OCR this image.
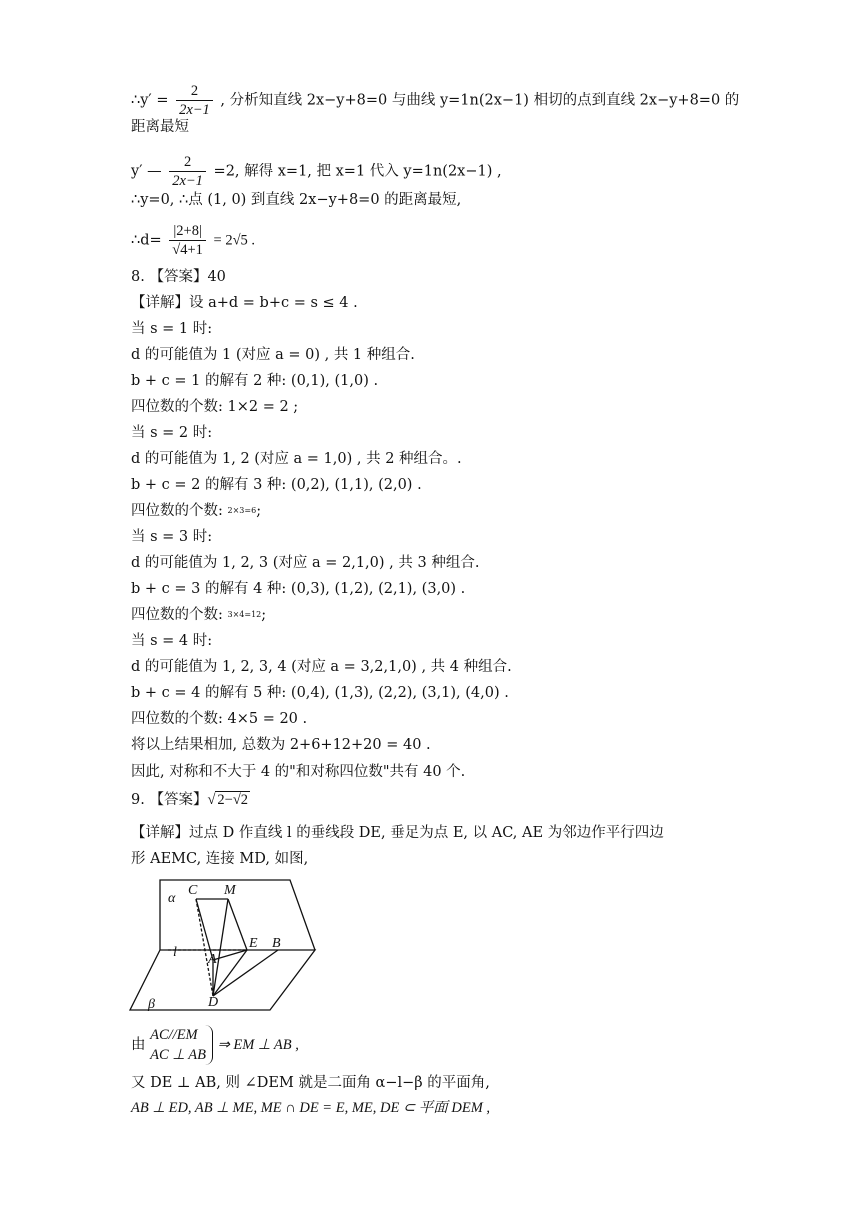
∴y′ = $\frac{2}{2x-1}$ , 分析知直线 2x−y+8=0 与曲线 y=1n(2x−1) 相切的点到直线 2x−y+8=0 的
距离最短
y′ — $\frac{2}{2x-1} =2$, 解得 x=1, 把 x=1 代入 y=1n(2x−1) ,
∴y=0, ∴点 (1, 0) 到直线 2x−y+8=0 的距离最短,
∴d= $\frac{|2+8|}{√4+1} = 2√5$ .
8. 【答案】40
【详解】设 a+d = b+c = s ≤ 4 .
当 s = 1 时:
d 的可能值为 1 (对应 a = 0) , 共 1 种组合.
b + c = 1 的解有 2 种: (0,1), (1,0) .
四位数的个数: 1×2 = 2 ;
当 s = 2 时:
d 的可能值为 1, 2 (对应 a = 1,0) , 共 2 种组合。.
b + c = 2 的解有 3 种: (0,2), (1,1), (2,0) .
四位数的个数: 2×3=6;
当 s = 3 时:
d 的可能值为 1, 2, 3 (对应 a = 2,1,0) , 共 3 种组合.
b + c = 3 的解有 4 种: (0,3), (1,2), (2,1), (3,0) .
四位数的个数: 3×4=12;
当 s = 4 时:
d 的可能值为 1, 2, 3, 4 (对应 a = 3,2,1,0) , 共 4 种组合.
b + c = 4 的解有 5 种: (0,4), (1,3), (2,2), (3,1), (4,0) .
四位数的个数: 4×5 = 20 .
将以上结果相加, 总数为 2+6+12+20 = 40 .
因此, 对称和不大于 4 的"和对称四位数"共有 40 个.
9. 【答案】√ 2−√2
【详解】过点 D 作直线 l 的垂线段 DE, 垂足为点 E, 以 AC, AE 为邻边作平行四边
形 AEMC, 连接 MD, 如图,
α
β
l
C M
E B
A
D
由
AC//EM
AC ⊥ AB
⇒ EM ⊥ AB ,
又 DE ⊥ AB, 则 ∠DEM 就是二面角 α−l−β 的平面角,
AB ⊥ ED, AB ⊥ ME, ME ∩ DE = E, ME, DE ⊂ 平面 DEM ,
